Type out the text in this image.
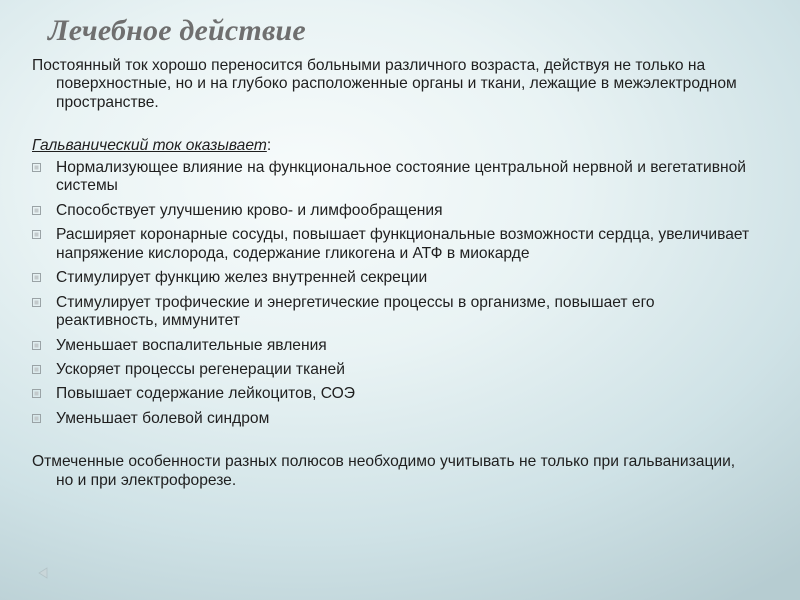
Лечебное действие

Постоянный ток хорошо переносится больными различного возраста, действуя не только на поверхностные, но и на глубоко расположенные органы и ткани, лежащие в межэлектродном пространстве.

Гальванический ток оказывает:

Нормализующее влияние на функциональное состояние центральной нервной и вегетативной системы
Способствует улучшению крово- и лимфообращения
Расширяет коронарные сосуды, повышает функциональные возможности сердца, увеличивает напряжение кислорода, содержание гликогена и АТФ в миокарде
Стимулирует функцию желез внутренней секреции
Стимулирует трофические и энергетические процессы в организме, повышает его реактивность, иммунитет
Уменьшает воспалительные явления
Ускоряет процессы регенерации тканей
Повышает содержание лейкоцитов, СОЭ
Уменьшает болевой синдром

Отмеченные особенности разных полюсов необходимо учитывать не только при гальванизации, но и при электрофорезе.
